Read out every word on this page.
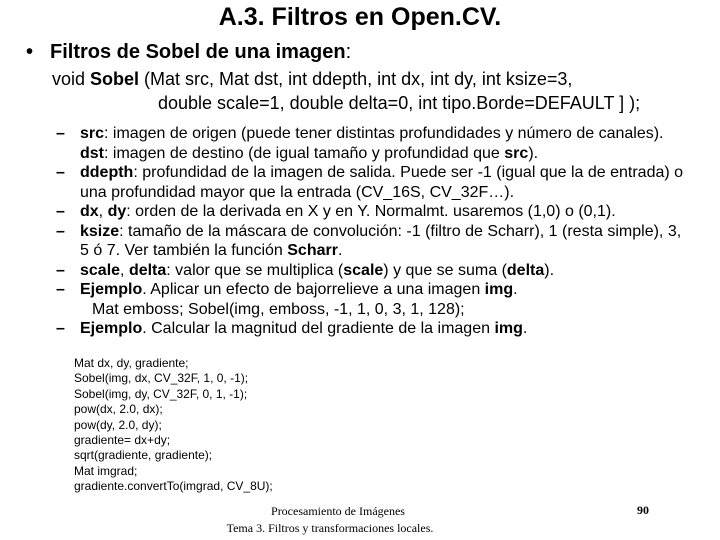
A.3. Filtros en Open.CV.
• Filtros de Sobel de una imagen:
void Sobel (Mat src, Mat dst, int ddepth, int dx, int dy, int ksize=3,
double scale=1, double delta=0, int tipo.Borde=DEFAULT ] );
– src: imagen de origen (puede tener distintas profundidades y número de canales). dst: imagen de destino (de igual tamaño y profundidad que src).
– ddepth: profundidad de la imagen de salida. Puede ser -1 (igual que la de entrada) o una profundidad mayor que la entrada (CV_16S, CV_32F…).
– dx, dy: orden de la derivada en X y en Y. Normalmt. usaremos (1,0) o (0,1).
– ksize: tamaño de la máscara de convolución: -1 (filtro de Scharr), 1 (resta simple), 3, 5 ó 7. Ver también la función Scharr.
– scale, delta: valor que se multiplica (scale) y que se suma (delta).
– Ejemplo. Aplicar un efecto de bajorrelieve a una imagen img.
Mat emboss; Sobel(img, emboss, -1, 1, 0, 3, 1, 128);
– Ejemplo. Calcular la magnitud del gradiente de la imagen img.
Mat dx, dy, gradiente;
Sobel(img, dx, CV_32F, 1, 0, -1);
Sobel(img, dy, CV_32F, 0, 1, -1);
pow(dx, 2.0, dx);
pow(dy, 2.0, dy);
gradiente= dx+dy;
sqrt(gradiente, gradiente);
Mat imgrad;
gradiente.convertTo(imgrad, CV_8U);
Procesamiento de Imágenes
Tema 3. Filtros y transformaciones locales.
90
